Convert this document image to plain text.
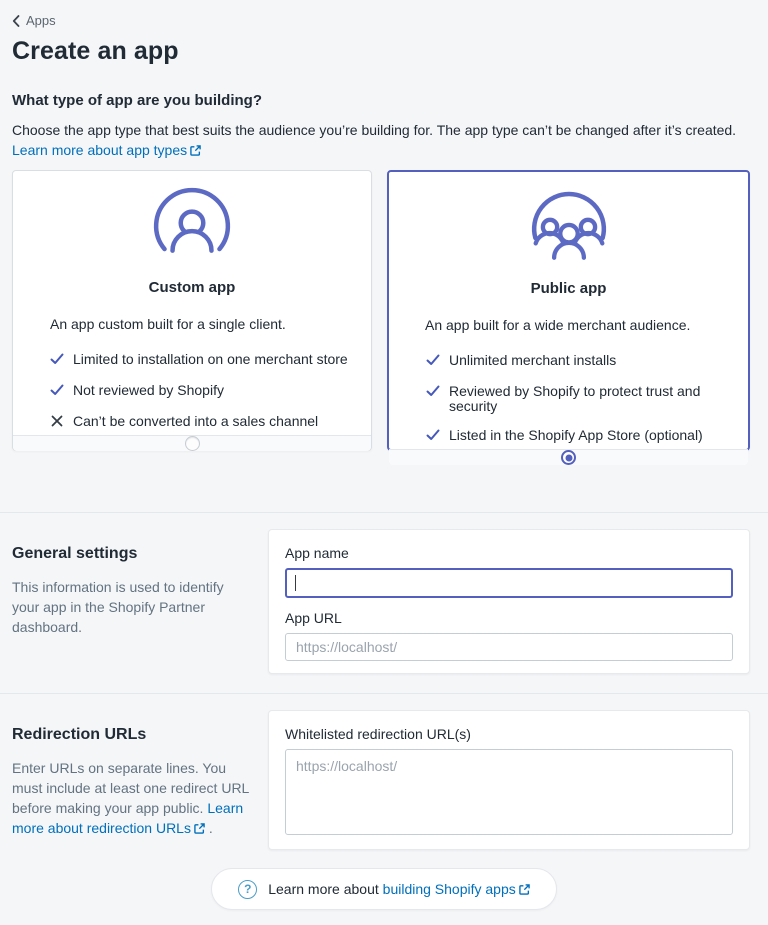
Apps
Create an app
What type of app are you building?

Choose the app type that best suits the audience you’re building for. The app type can’t be changed after it’s created. Learn more about app types

Custom app
An app custom built for a single client.
Limited to installation on one merchant store
Not reviewed by Shopify
Can’t be converted into a sales channel
Public app
An app built for a wide merchant audience.
Unlimited merchant installs
Reviewed by Shopify to protect trust and security
Listed in the Shopify App Store (optional)
General settings

This information is used to identify your app in the Shopify Partner dashboard.

App name
App URL
https://localhost/
Redirection URLs

Enter URLs on separate lines. You must include at least one redirect URL before making your app public. Learn more about redirection URLs .

Whitelisted redirection URL(s)
https://localhost/
?	Learn more about building Shopify apps
